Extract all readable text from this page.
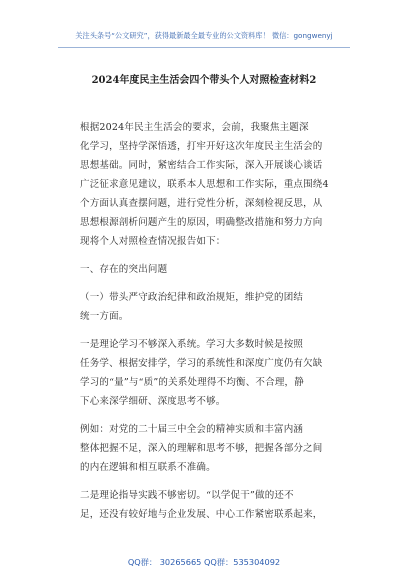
关注头条号“公文研究”，获得最新最全最专业的公文资料库！ 微信：gongwenyj
2024年度民主生活会四个带头个人对照检查材料2
根据2024年民主生活会的要求，会前，我聚焦主题深
化学习，坚持学深悟透，打牢开好这次年度民主生活会的
思想基础。同时，紧密结合工作实际，深入开展谈心谈话
广泛征求意见建议，联系本人思想和工作实际，重点围绕4
个方面认真查摆问题，进行党性分析，深刻检视反思，从
思想根源剖析问题产生的原因，明确整改措施和努力方向
现将个人对照检查情况报告如下：
一、存在的突出问题
（一）带头严守政治纪律和政治规矩，维护党的团结
统一方面。
一是理论学习不够深入系统。学习大多数时候是按照
任务学、根据安排学，学习的系统性和深度广度仍有欠缺
学习的“量”与“质”的关系处理得不均衡、不合理，静
下心来深学细研、深度思考不够。
例如：对党的二十届三中全会的精神实质和丰富内涵
整体把握不足，深入的理解和思考不够，把握各部分之间
的内在逻辑和相互联系不准确。
二是理论指导实践不够密切。“以学促干”做的还不
足，还没有较好地与企业发展、中心工作紧密联系起来，
QQ群： 30265665 QQ群：535304092
